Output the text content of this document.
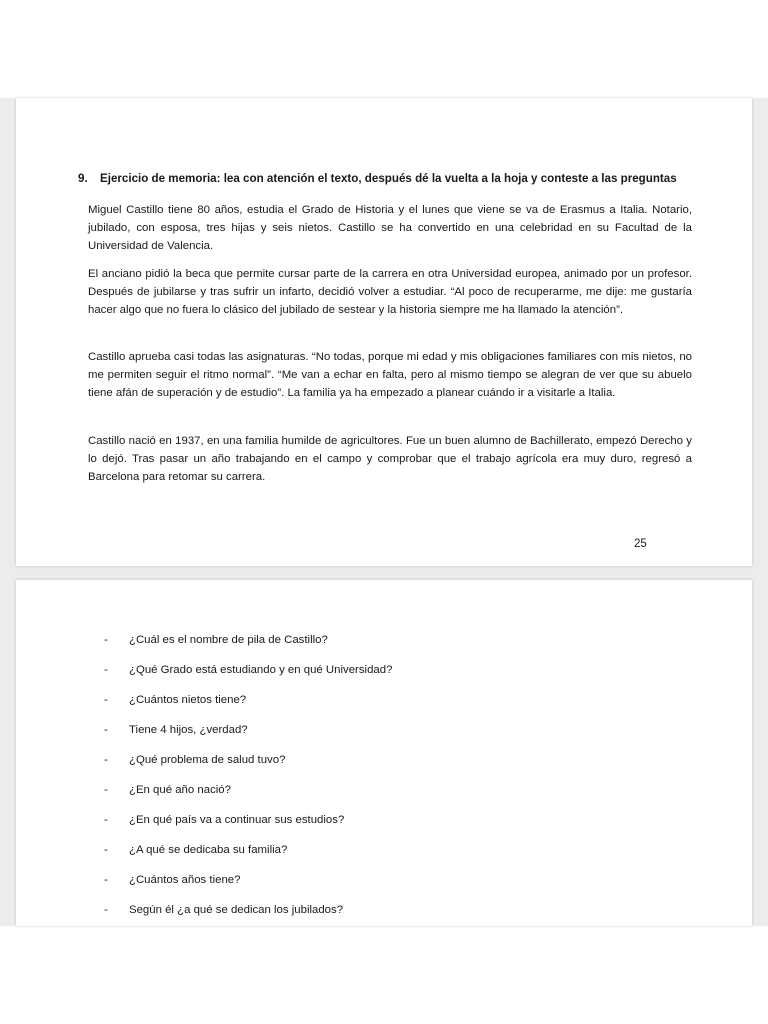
9. Ejercicio de memoria: lea con atención el texto, después dé la vuelta a la hoja y conteste a las preguntas

Miguel Castillo tiene 80 años, estudia el Grado de Historia y el lunes que viene se va de Erasmus a Italia. Notario, jubilado, con esposa, tres hijas y seis nietos. Castillo se ha convertido en una celebridad en su Facultad de la Universidad de Valencia.

El anciano pidió la beca que permite cursar parte de la carrera en otra Universidad europea, animado por un profesor. Después de jubilarse y tras sufrir un infarto, decidió volver a estudiar. “Al poco de recuperarme, me dije: me gustaría hacer algo que no fuera lo clásico del jubilado de sestear y la historia siempre me ha llamado la atención”.

Castillo aprueba casi todas las asignaturas. “No todas, porque mi edad y mis obligaciones familiares con mis nietos, no me permiten seguir el ritmo normal”. “Me van a echar en falta, pero al mismo tiempo se alegran de ver que su abuelo tiene afán de superación y de estudio”. La familia ya ha empezado a planear cuándo ir a visitarle a Italia.

Castillo nació en 1937, en una familia humilde de agricultores. Fue un buen alumno de Bachillerato, empezó Derecho y lo dejó. Tras pasar un año trabajando en el campo y comprobar que el trabajo agrícola era muy duro, regresó a Barcelona para retomar su carrera.

25
-	¿Cuál es el nombre de pila de Castillo?
-	¿Qué Grado está estudiando y en qué Universidad?
-	¿Cuántos nietos tiene?
-	Tiene 4 hijos, ¿verdad?
-	¿Qué problema de salud tuvo?
-	¿En qué año nació?
-	¿En qué país va a continuar sus estudios?
-	¿A qué se dedicaba su familia?
-	¿Cuántos años tiene?
-	Según él ¿a qué se dedican los jubilados?
